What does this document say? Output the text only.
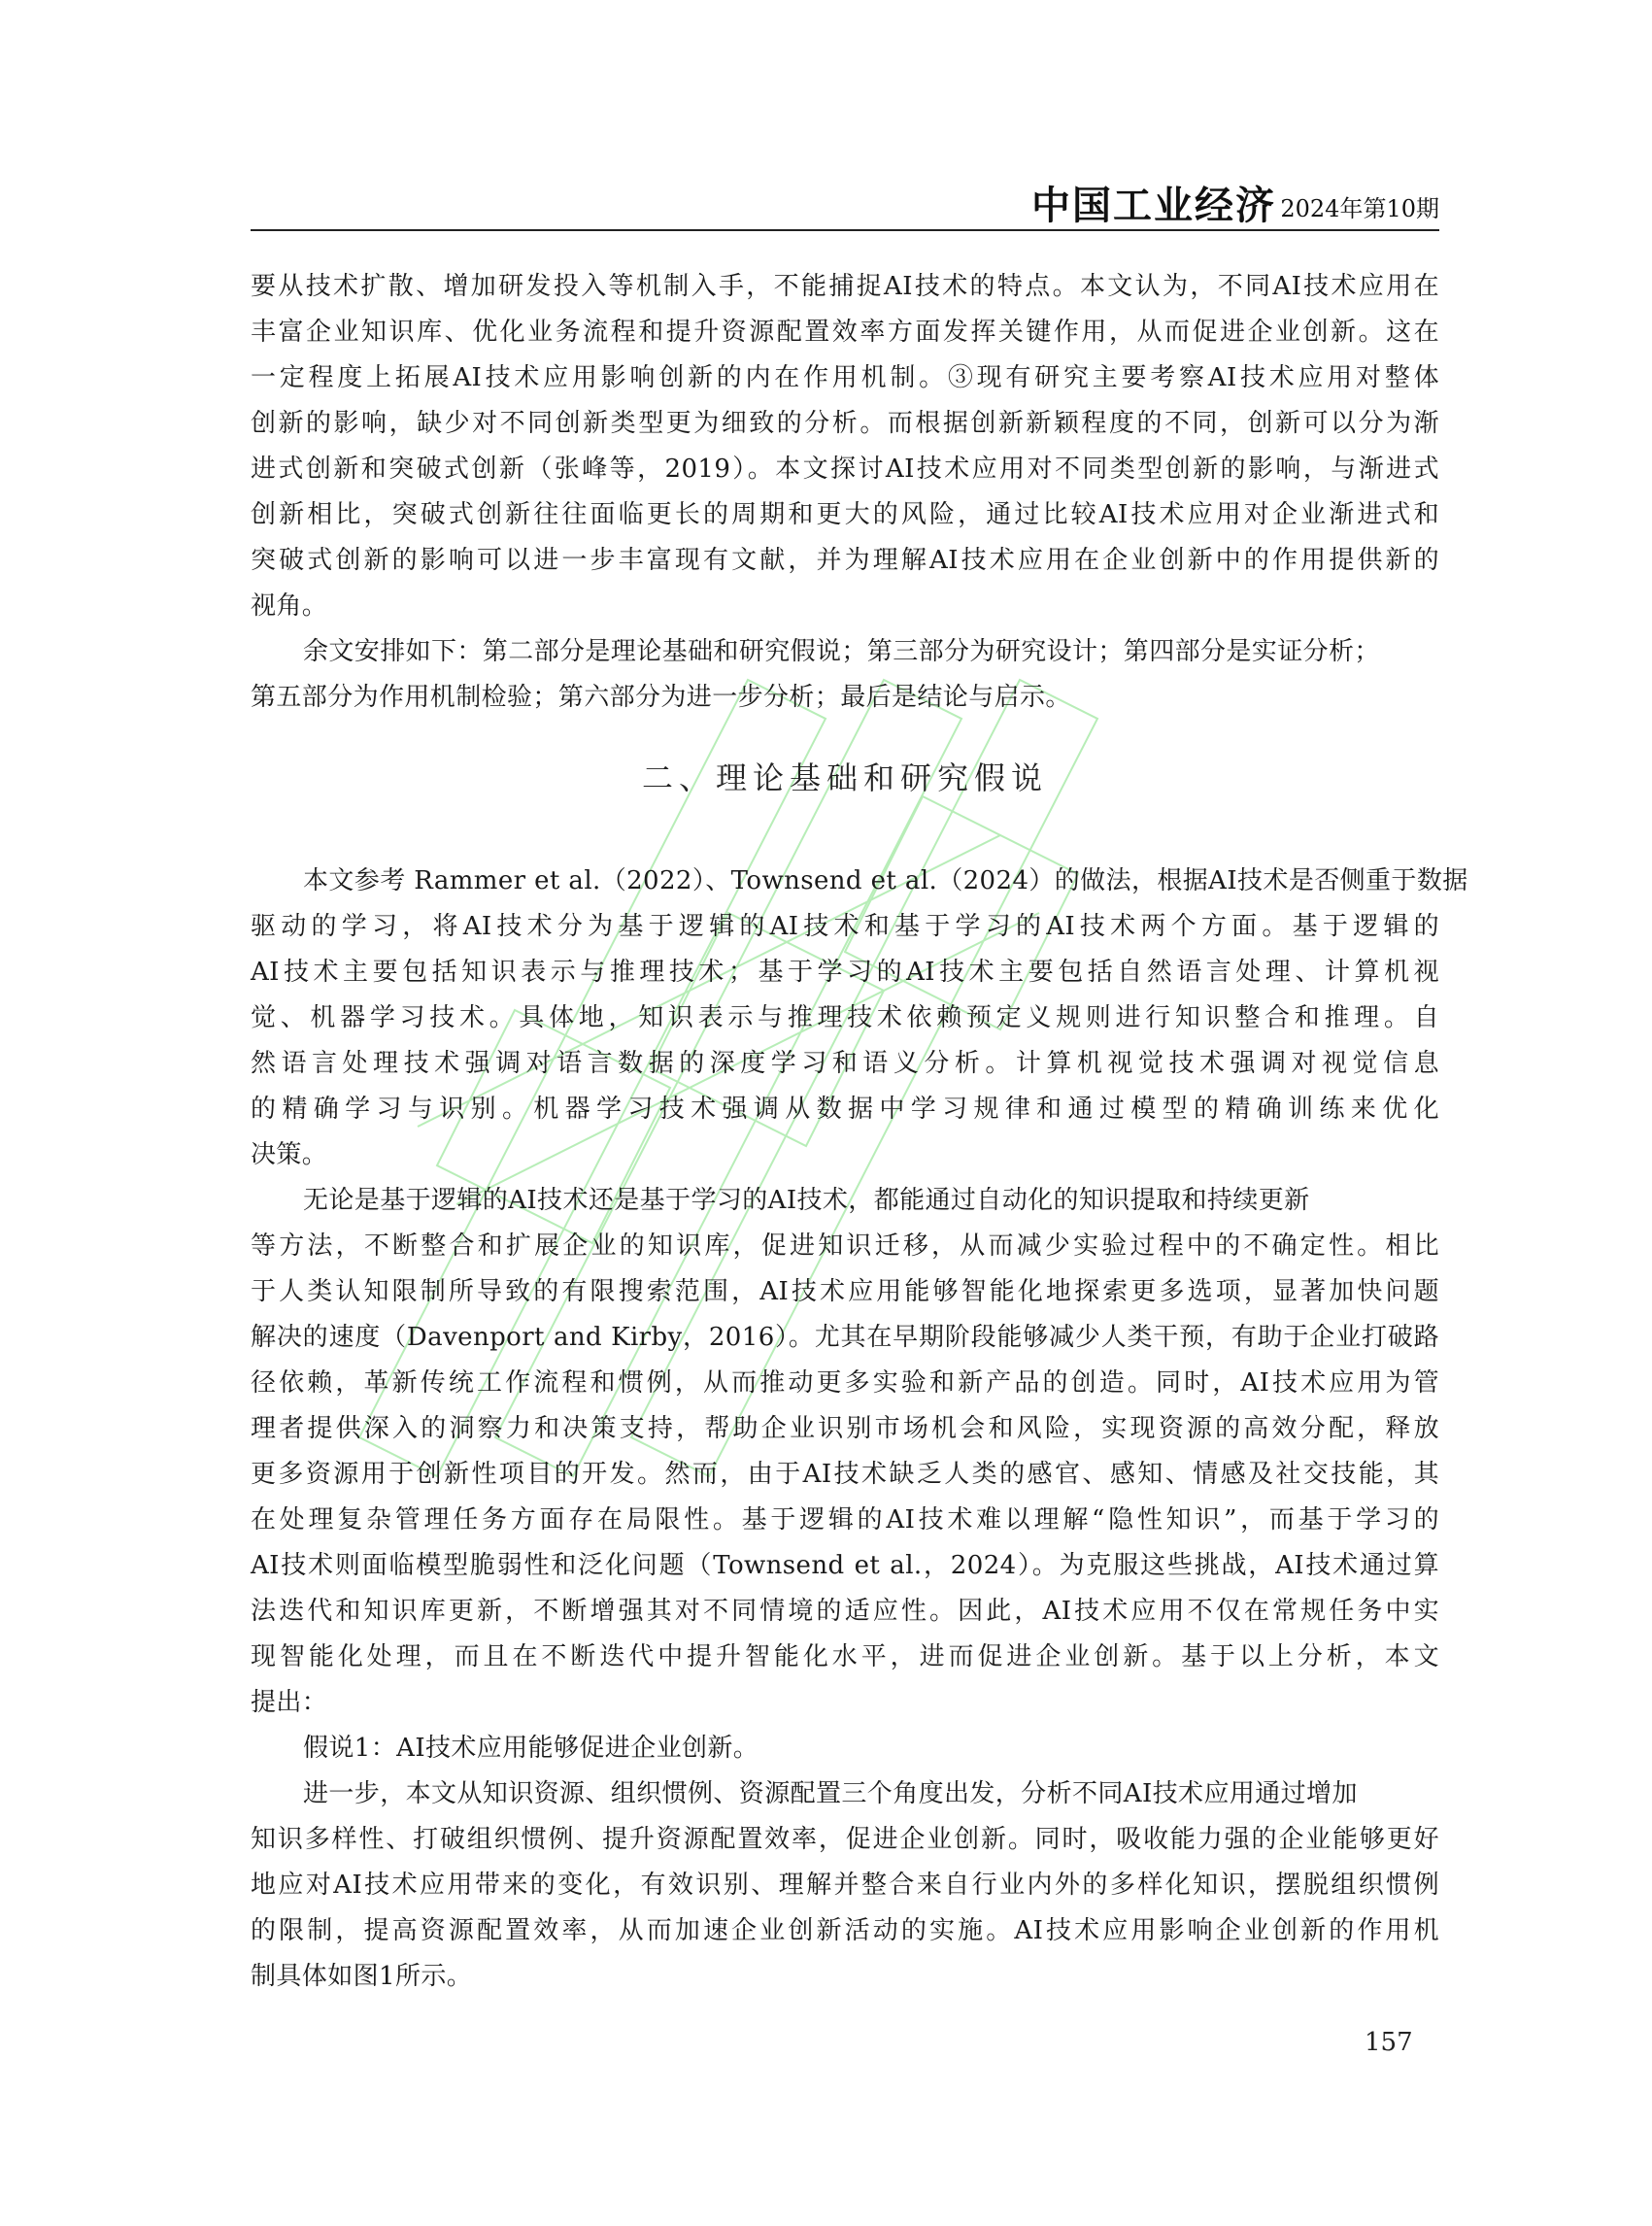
中国工业经济 2024年第10期
要从技术扩散、增加研发投入等机制入手，不能捕捉AI技术的特点。本文认为，不同AI技术应用在
丰富企业知识库、优化业务流程和提升资源配置效率方面发挥关键作用，从而促进企业创新。这在
一定程度上拓展AI技术应用影响创新的内在作用机制。③现有研究主要考察AI技术应用对整体
创新的影响，缺少对不同创新类型更为细致的分析。而根据创新新颖程度的不同，创新可以分为渐
进式创新和突破式创新（张峰等，2019）。本文探讨AI技术应用对不同类型创新的影响，与渐进式
创新相比，突破式创新往往面临更长的周期和更大的风险，通过比较AI技术应用对企业渐进式和
突破式创新的影响可以进一步丰富现有文献，并为理解AI技术应用在企业创新中的作用提供新的
视角。
余文安排如下：第二部分是理论基础和研究假说；第三部分为研究设计；第四部分是实证分析；
第五部分为作用机制检验；第六部分为进一步分析；最后是结论与启示。
二、理论基础和研究假说
本文参考 Rammer et al.（2022）、Townsend et al.（2024）的做法，根据AI技术是否侧重于数据
驱动的学习，将AI技术分为基于逻辑的AI技术和基于学习的AI技术两个方面。基于逻辑的
AI技术主要包括知识表示与推理技术；基于学习的AI技术主要包括自然语言处理、计算机视
觉、机器学习技术。具体地，知识表示与推理技术依赖预定义规则进行知识整合和推理。自
然语言处理技术强调对语言数据的深度学习和语义分析。计算机视觉技术强调对视觉信息
的精确学习与识别。机器学习技术强调从数据中学习规律和通过模型的精确训练来优化
决策。
无论是基于逻辑的AI技术还是基于学习的AI技术，都能通过自动化的知识提取和持续更新
等方法，不断整合和扩展企业的知识库，促进知识迁移，从而减少实验过程中的不确定性。相比
于人类认知限制所导致的有限搜索范围，AI技术应用能够智能化地探索更多选项，显著加快问题
解决的速度（Davenport and Kirby，2016）。尤其在早期阶段能够减少人类干预，有助于企业打破路
径依赖，革新传统工作流程和惯例，从而推动更多实验和新产品的创造。同时，AI技术应用为管
理者提供深入的洞察力和决策支持，帮助企业识别市场机会和风险，实现资源的高效分配，释放
更多资源用于创新性项目的开发。然而，由于AI技术缺乏人类的感官、感知、情感及社交技能，其
在处理复杂管理任务方面存在局限性。基于逻辑的AI技术难以理解“隐性知识”，而基于学习的
AI技术则面临模型脆弱性和泛化问题（Townsend et al.，2024）。为克服这些挑战，AI技术通过算
法迭代和知识库更新，不断增强其对不同情境的适应性。因此，AI技术应用不仅在常规任务中实
现智能化处理，而且在不断迭代中提升智能化水平，进而促进企业创新。基于以上分析，本文
提出：
假说1：AI技术应用能够促进企业创新。
进一步，本文从知识资源、组织惯例、资源配置三个角度出发，分析不同AI技术应用通过增加
知识多样性、打破组织惯例、提升资源配置效率，促进企业创新。同时，吸收能力强的企业能够更好
地应对AI技术应用带来的变化，有效识别、理解并整合来自行业内外的多样化知识，摆脱组织惯例
的限制，提高资源配置效率，从而加速企业创新活动的实施。AI技术应用影响企业创新的作用机
制具体如图1所示。
157
